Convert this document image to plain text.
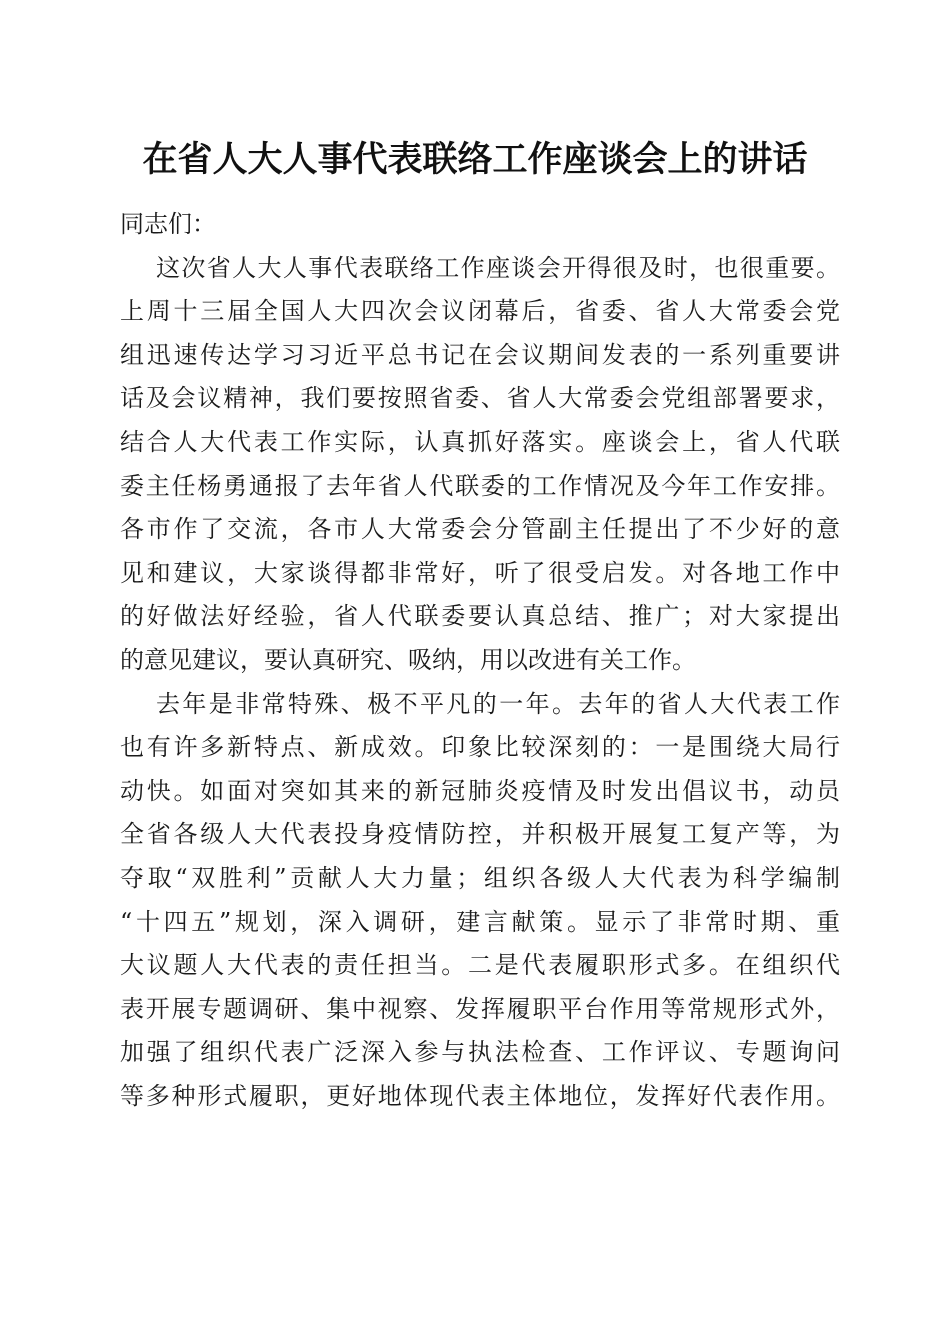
在省人大人事代表联络工作座谈会上的讲话
同志们：
这次省人大人事代表联络工作座谈会开得很及时，也很重要。
上周十三届全国人大四次会议闭幕后，省委、省人大常委会党
组迅速传达学习习近平总书记在会议期间发表的一系列重要讲
话及会议精神，我们要按照省委、省人大常委会党组部署要求，
结合人大代表工作实际，认真抓好落实。座谈会上，省人代联
委主任杨勇通报了去年省人代联委的工作情况及今年工作安排。
各市作了交流，各市人大常委会分管副主任提出了不少好的意
见和建议，大家谈得都非常好，听了很受启发。对各地工作中
的好做法好经验，省人代联委要认真总结、推广；对大家提出
的意见建议，要认真研究、吸纳，用以改进有关工作。
去年是非常特殊、极不平凡的一年。去年的省人大代表工作
也有许多新特点、新成效。印象比较深刻的：一是围绕大局行
动快。如面对突如其来的新冠肺炎疫情及时发出倡议书，动员
全省各级人大代表投身疫情防控，并积极开展复工复产等，为
夺取“双胜利”贡献人大力量；组织各级人大代表为科学编制
“十四五”规划，深入调研，建言献策。显示了非常时期、重
大议题人大代表的责任担当。二是代表履职形式多。在组织代
表开展专题调研、集中视察、发挥履职平台作用等常规形式外，
加强了组织代表广泛深入参与执法检查、工作评议、专题询问
等多种形式履职，更好地体现代表主体地位，发挥好代表作用。
